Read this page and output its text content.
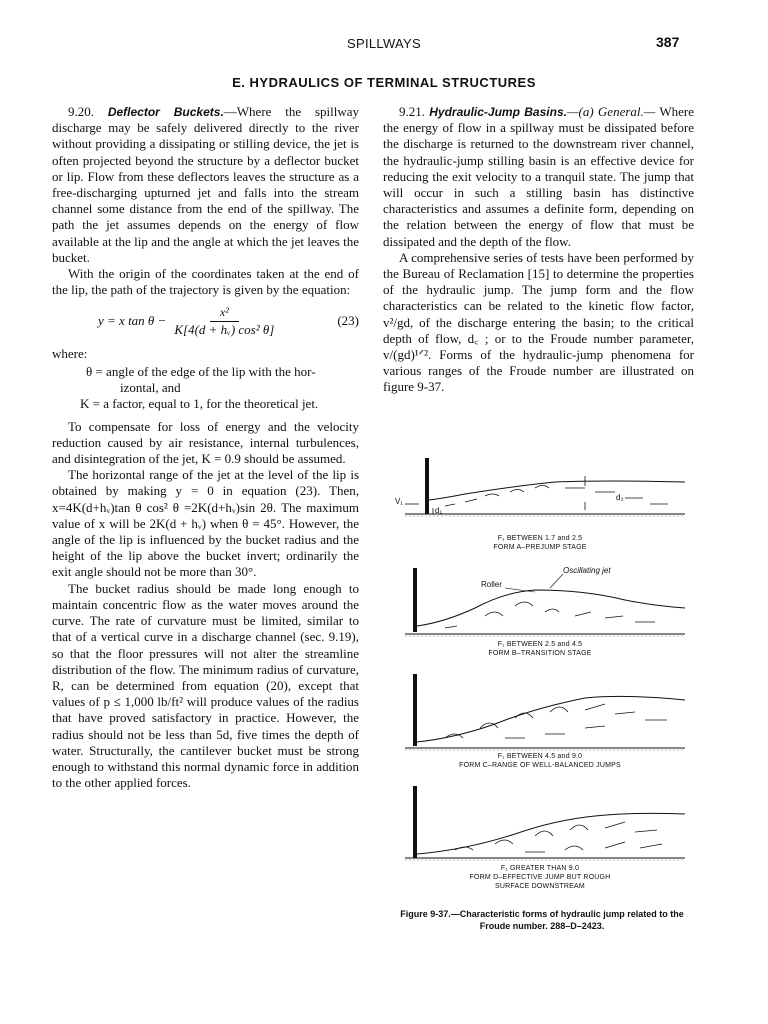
SPILLWAYS	387
E. HYDRAULICS OF TERMINAL STRUCTURES

9.20. Deflector Buckets.—Where the spillway discharge may be safely delivered directly to the river without providing a dissipating or stilling device, the jet is often projected beyond the structure by a deflector bucket or lip. Flow from these deflectors leaves the structure as a free-discharging upturned jet and falls into the stream channel some distance from the end of the spillway. The path the jet assumes depends on the energy of flow available at the lip and the angle at which the jet leaves the bucket.

With the origin of the coordinates taken at the end of the lip, the path of the trajectory is given by the equation:

y = x $\tan \theta - \frac{\text{x²}}{\text{K[4(d + hᵥ) cos² θ]}}$	(23)

where:

θ = angle of the edge of the lip with the hor-
izontal, and
K = a factor, equal to 1, for the theoretical jet.

To compensate for loss of energy and the velocity reduction caused by air resistance, internal turbulences, and disintegration of the jet, K = 0.9 should be assumed.

The horizontal range of the jet at the level of the lip is obtained by making y = 0 in equation (23). Then, x=4K(d+hᵥ)tan θ cos² θ =2K(d+hᵥ)sin 2θ. The maximum value of x will be 2K(d + hᵥ) when θ = 45°. However, the angle of the lip is influenced by the bucket radius and the height of the lip above the bucket invert; ordinarily the exit angle should not be more than 30°.

The bucket radius should be made long enough to maintain concentric flow as the water moves around the curve. The rate of curvature must be limited, similar to that of a vertical curve in a discharge channel (sec. 9.19), so that the floor pressures will not alter the streamline distribution of the flow. The minimum radius of curvature, R, can be determined from equation (20), except that values of p ≤ 1,000 lb/ft² will produce values of the radius that have proved satisfactory in practice. However, the radius should not be less than 5d, five times the depth of water. Structurally, the cantilever bucket must be strong enough to withstand this normal dynamic force in addition to the other applied forces.

9.21. Hydraulic-Jump Basins.—(a) General.— Where the energy of flow in a spillway must be dissipated before the discharge is returned to the downstream river channel, the hydraulic-jump stilling basin is an effective device for reducing the exit velocity to a tranquil state. The jump that will occur in such a stilling basin has distinctive characteristics and assumes a definite form, depending on the relation between the energy of flow that must be dissipated and the depth of the flow.

A comprehensive series of tests have been performed by the Bureau of Reclamation [15] to determine the properties of the hydraulic jump. The jump form and the flow characteristics can be related to the kinetic flow factor, v²/gd, of the discharge entering the basin; to the critical depth of flow, d꜀ ; or to the Froude number parameter, v/(gd)¹ᐟ². Forms of the hydraulic-jump phenomena for various ranges of the Froude number are illustrated on figure 9-37.

V₁
d₁
d₂
F₁ BETWEEN 1.7 and 2.5
FORM A–PREJUMP STAGE
Roller
Oscillating jet
F₁ BETWEEN 2.5 and 4.5
FORM B–TRANSITION STAGE
F₁ BETWEEN 4.5 and 9.0
FORM C–RANGE OF WELL-BALANCED JUMPS
F₁ GREATER THAN 9.0
FORM D–EFFECTIVE JUMP BUT ROUGH
SURFACE DOWNSTREAM
Figure 9-37.—Characteristic forms of hydraulic jump related to the Froude number. 288–D–2423.
